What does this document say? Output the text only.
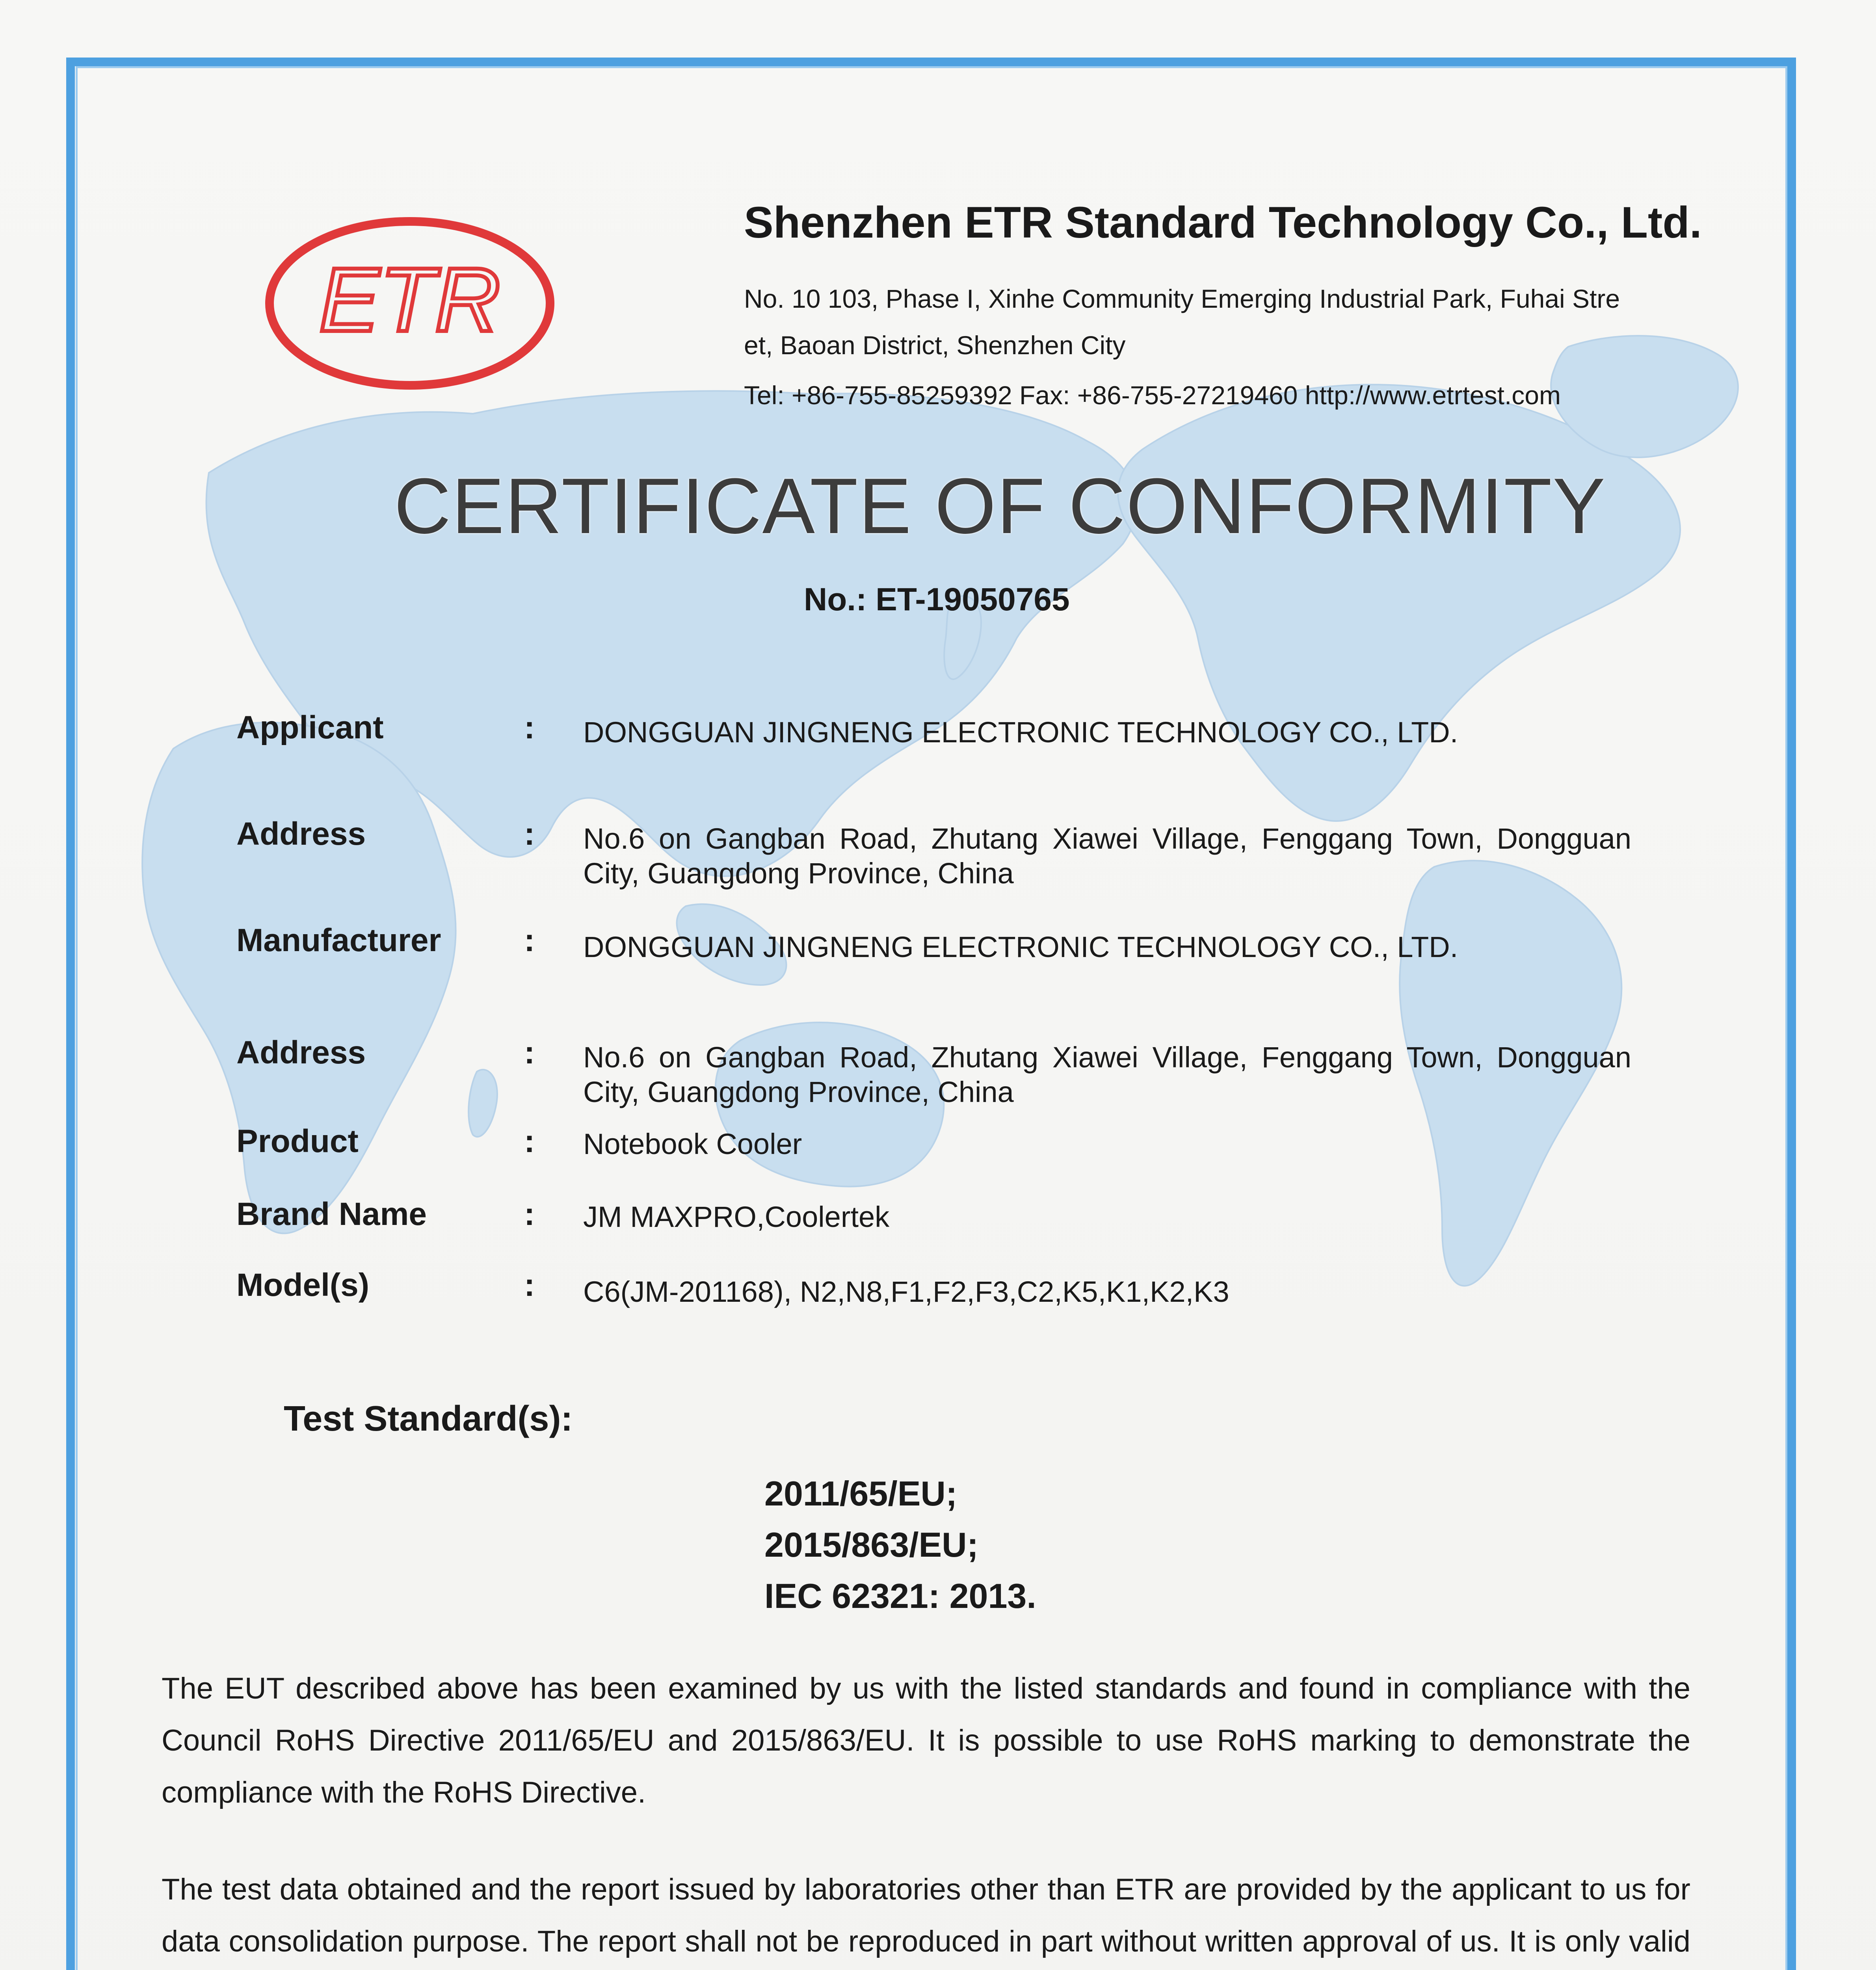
ETR
Shenzhen ETR Standard Technology Co., Ltd.
No. 10 103, Phase I, Xinhe Community Emerging Industrial Park, Fuhai Stre
et, Baoan District, Shenzhen City
Tel: +86-755-85259392 Fax: +86-755-27219460 http://www.etrtest.com
CERTIFICATE OF CONFORMITY
No.: ET-19050765
Applicant	: DONGGUAN JINGNENG ELECTRONIC TECHNOLOGY CO., LTD.
Address	: No.6 on Gangban Road, Zhutang Xiawei Village, Fenggang Town, Dongguan City, Guangdong Province, China
Manufacturer	: DONGGUAN JINGNENG ELECTRONIC TECHNOLOGY CO., LTD.
Address	: No.6 on Gangban Road, Zhutang Xiawei Village, Fenggang Town, Dongguan City, Guangdong Province, China
Product	: Notebook Cooler
Brand Name	: JM MAXPRO,Coolertek
Model(s)	: C6(JM-201168), N2,N8,F1,F2,F3,C2,K5,K1,K2,K3
Test Standard(s):
2011/65/EU;
2015/863/EU;
IEC 62321: 2013.
The EUT described above has been examined by us with the listed standards and found in compliance with the Council RoHS Directive 2011/65/EU and 2015/863/EU. It is possible to use RoHS marking to demonstrate the compliance with the RoHS Directive.
The test data obtained and the report issued by laboratories other than ETR are provided by the applicant to us for data consolidation purpose. The report shall not be reproduced in part without written approval of us. It is only valid
